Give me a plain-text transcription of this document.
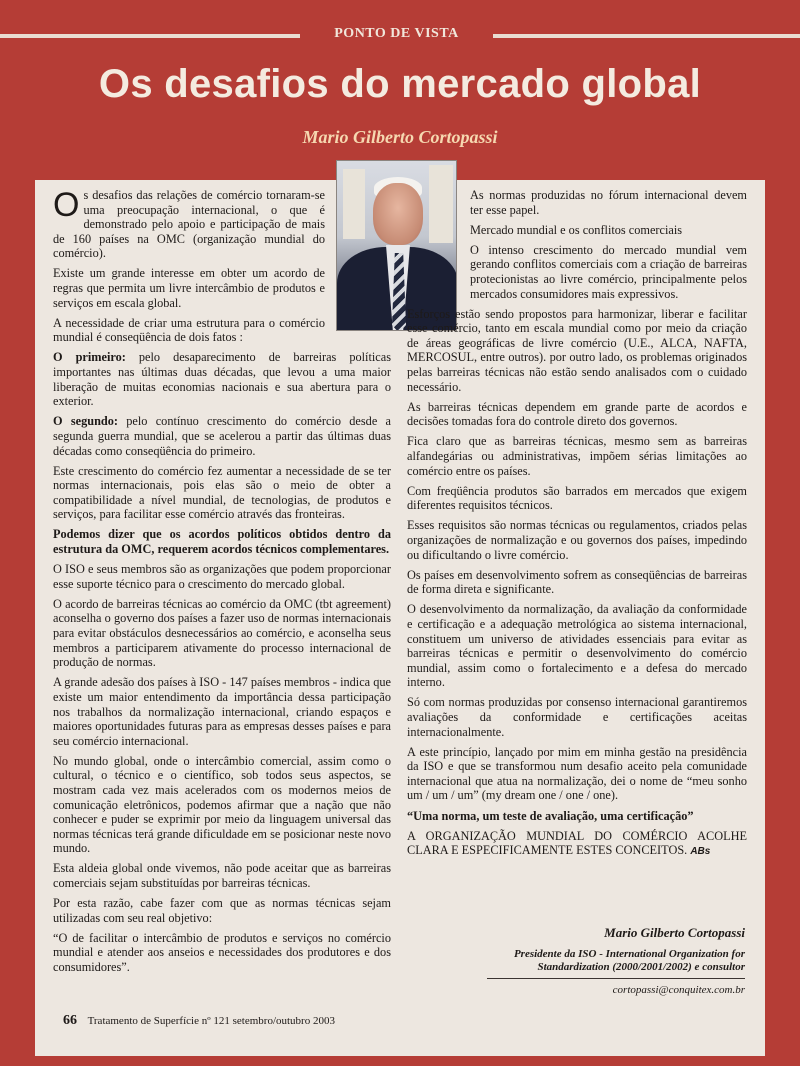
PONTO DE VISTA
Os desafios do mercado global
Mario Gilberto Cortopassi

Os desafios das relações de comércio tornaram-se uma preocupação internacional, o que é demonstrado pelo apoio e participação de mais de 160 países na OMC (organização mundial do comércio).

Existe um grande interesse em obter um acordo de regras que permita um livre intercâmbio de produtos e serviços em escala global.

A necessidade de criar uma estrutura para o comércio mundial é conseqüência de dois fatos :

O primeiro: pelo desaparecimento de barreiras políticas importantes nas últimas duas décadas, que levou a uma maior liberação de muitas economias nacionais e sua abertura para o exterior.

O segundo: pelo contínuo crescimento do comércio desde a segunda guerra mundial, que se acelerou a partir das últimas duas décadas como conseqüência do primeiro.

Este crescimento do comércio fez aumentar a necessidade de se ter normas internacionais, pois elas são o meio de obter a compatibilidade a nível mundial, de tecnologias, de produtos e serviços, para facilitar esse comércio através das fronteiras.

Podemos dizer que os acordos políticos obtidos dentro da estrutura da OMC, requerem acordos técnicos complementares.

O ISO e seus membros são as organizações que podem proporcionar esse suporte técnico para o crescimento do mercado global.

O acordo de barreiras técnicas ao comércio da OMC (tbt agreement) aconselha o governo dos países a fazer uso de normas internacionais para evitar obstáculos desnecessários ao comércio, e aconselha seus membros a participarem ativamente do processo internacional de produção de normas.

A grande adesão dos países à ISO - 147 países membros - indica que existe um maior entendimento da importância dessa participação nos trabalhos da normalização internacional, criando espaços e maiores oportunidades futuras para as empresas desses países e para seu comércio internacional.

No mundo global, onde o intercâmbio comercial, assim como o cultural, o técnico e o científico, sob todos seus aspectos, se mostram cada vez mais acelerados com os modernos meios de comunicação eletrônicos, podemos afirmar que a nação que não conhecer e puder se exprimir por meio da linguagem universal das normas técnicas terá grande dificuldade em se posicionar neste novo mundo.

Esta aldeia global onde vivemos, não pode aceitar que as barreiras comerciais sejam substituídas por barreiras técnicas.

Por esta razão, cabe fazer com que as normas técnicas sejam utilizadas com seu real objetivo:

“O de facilitar o intercâmbio de produtos e serviços no comércio mundial e atender aos anseios e necessidades dos produtores e dos consumidores”.

As normas produzidas no fórum internacional devem ter esse papel.

Mercado mundial e os conflitos comerciais

O intenso crescimento do mercado mundial vem gerando conflitos comerciais com a criação de barreiras protecionistas ao livre comércio, principalmente pelos mercados consumidores mais expressivos.

Esforços estão sendo propostos para harmonizar, liberar e facilitar esse comércio, tanto em escala mundial como por meio da criação de áreas geográficas de livre comércio (U.E., ALCA, NAFTA, MERCOSUL, entre outros). por outro lado, os problemas originados pelas barreiras técnicas não estão sendo analisados com o cuidado necessário.

As barreiras técnicas dependem em grande parte de acordos e decisões tomadas fora do controle direto dos governos.

Fica claro que as barreiras técnicas, mesmo sem as barreiras alfandegárias ou administrativas, impõem sérias limitações ao comércio entre os países.

Com freqüência produtos são barrados em mercados que exigem diferentes requisitos técnicos.

Esses requisitos são normas técnicas ou regulamentos, criados pelas organizações de normalização e ou governos dos países, impedindo ou dificultando o livre comércio.

Os países em desenvolvimento sofrem as conseqüências de barreiras de forma direta e significante.

O desenvolvimento da normalização, da avaliação da conformidade e certificação e a adequação metrológica ao sistema internacional, constituem um universo de atividades essenciais para evitar as barreiras técnicas e permitir o desenvolvimento do comércio mundial, assim como o fortalecimento e a defesa do mercado interno.

Só com normas produzidas por consenso internacional garantiremos avaliações da conformidade e certificações aceitas internacionalmente.

A este princípio, lançado por mim em minha gestão na presidência da ISO e que se transformou num desafio aceito pela comunidade internacional que atua na normalização, dei o nome de “meu sonho um / um / um” (my dream one / one / one).

“Uma norma, um teste de avaliação, uma certificação”

A ORGANIZAÇÃO MUNDIAL DO COMÉRCIO ACOLHE CLARA E ESPECIFICAMENTE ESTES CONCEITOS. ABs

Mario Gilberto Cortopassi
Presidente da ISO - International Organization for Standardization (2000/2001/2002) e consultor
cortopassi@conquitex.com.br
66 Tratamento de Superfície nº 121 setembro/outubro 2003
